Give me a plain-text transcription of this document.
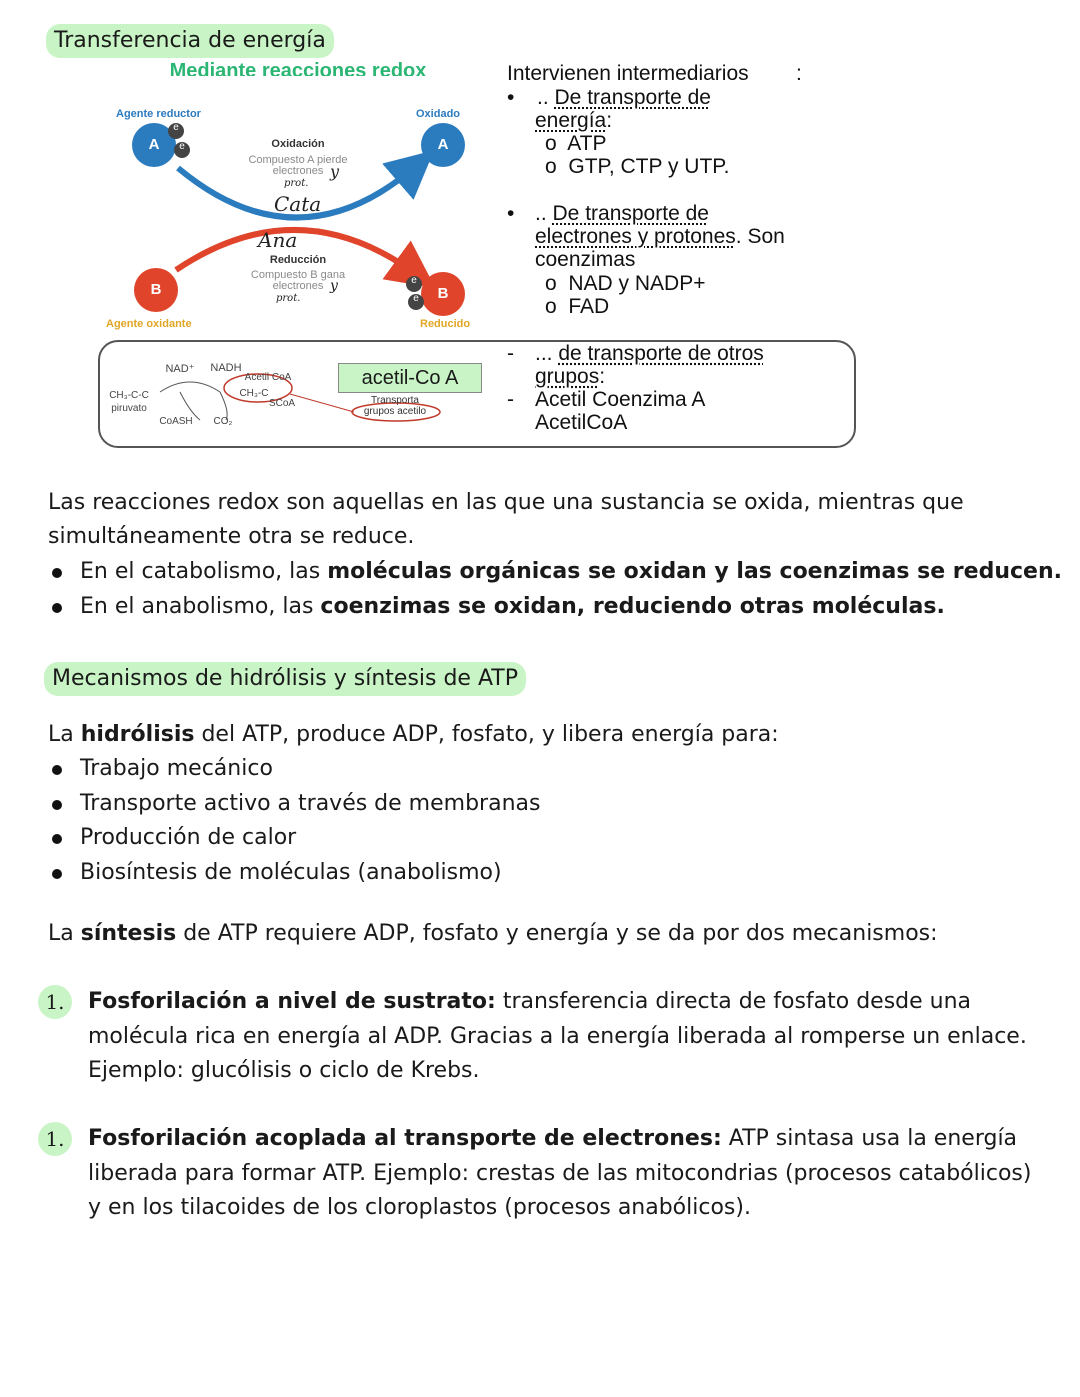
Transferencia de energía
Mediante reacciones redox
Agente reductor	Oxidado
Agente oxidante	Reducido
A	A
B	B
e
e
e
e
Oxidación
Compuesto A pierde
electrones
Reducción
Compuesto B gana
electrones
y
prot.
Cata
Ana
y
prot.
NAD⁺	NADH
Acetil CoA
CH₃-C
SCoA
CH₃-C-C
piruvato
CoASH	CO₂
acetil-Co A
Transporta
grupos acetilo
Intervienen intermediarios :
• .. De transporte de
energía:
o  ATP
o  GTP, CTP y UTP.
• .. De transporte de
electrones y protones. Son
coenzimas
o  NAD y NADP+
o  FAD
- ... de transporte de otros
grupos:
- Acetil Coenzima A
AcetilCoA
Las reacciones redox son aquellas en las que una sustancia se oxida, mientras que simultáneamente otra se reduce.
En el catabolismo, las moléculas orgánicas se oxidan y las coenzimas se reducen.
En el anabolismo, las coenzimas se oxidan, reduciendo otras moléculas.
Mecanismos de hidrólisis y síntesis de ATP
La hidrólisis del ATP, produce ADP, fosfato, y libera energía para:
Trabajo mecánico
Transporte activo a través de membranas
Producción de calor
Biosíntesis de moléculas (anabolismo)
La síntesis de ATP requiere ADP, fosfato y energía y se da por dos mecanismos:
1.	Fosforilación a nivel de sustrato: transferencia directa de fosfato desde una molécula rica en energía al ADP. Gracias a la energía liberada al romperse un enlace. Ejemplo: glucólisis o ciclo de Krebs.
1.	Fosforilación acoplada al transporte de electrones: ATP sintasa usa la energía liberada para formar ATP. Ejemplo: crestas de las mitocondrias (procesos catabólicos) y en los tilacoides de los cloroplastos (procesos anabólicos).
